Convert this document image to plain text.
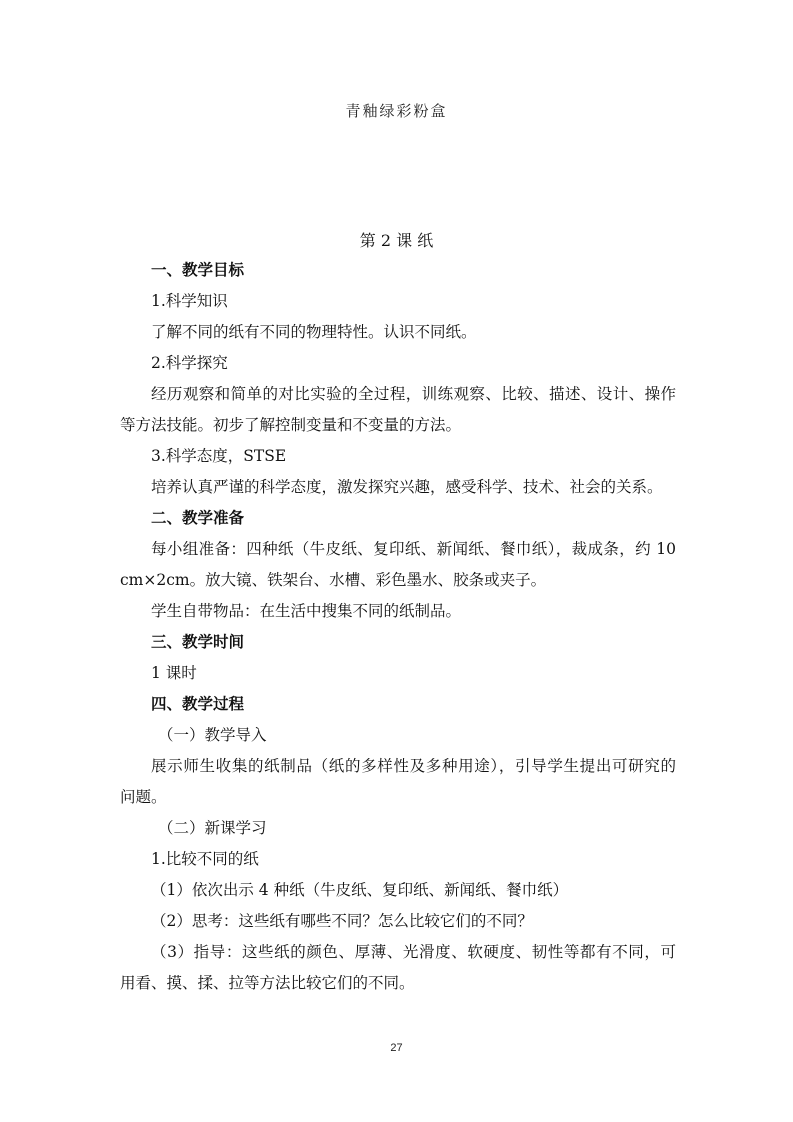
青釉绿彩粉盒
第 2 课 纸
一、教学目标
1.科学知识
了解不同的纸有不同的物理特性。认识不同纸。
2.科学探究
经历观察和简单的对比实验的全过程，训练观察、比较、描述、设计、操作
等方法技能。初步了解控制变量和不变量的方法。
3.科学态度，STSE
培养认真严谨的科学态度，激发探究兴趣，感受科学、技术、社会的关系。
二、教学准备
每小组准备：四种纸（牛皮纸、复印纸、新闻纸、餐巾纸），裁成条，约 10
cm×2cm。放大镜、铁架台、水槽、彩色墨水、胶条或夹子。
学生自带物品：在生活中搜集不同的纸制品。
三、教学时间
1 课时
四、教学过程
（一）教学导入
展示师生收集的纸制品（纸的多样性及多种用途），引导学生提出可研究的
问题。
（二）新课学习
1.比较不同的纸
（1）依次出示 4 种纸（牛皮纸、复印纸、新闻纸、餐巾纸）
（2）思考：这些纸有哪些不同？怎么比较它们的不同？
（3）指导：这些纸的颜色、厚薄、光滑度、软硬度、韧性等都有不同，可
用看、摸、揉、拉等方法比较它们的不同。
27
